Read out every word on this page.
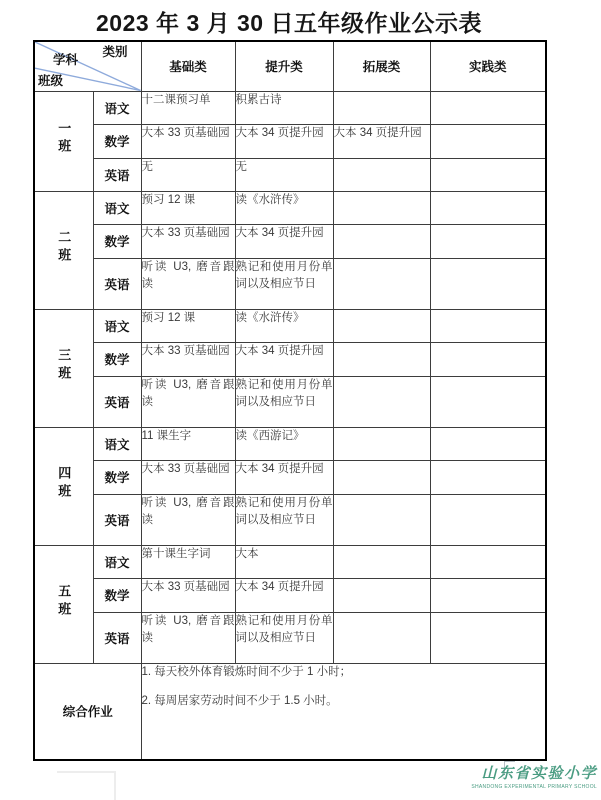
2023 年 3 月 30 日五年级作业公示表
类别
学科
班级		基础类	提升类	拓展类	实践类
一班	语文	十二课预习单	积累古诗		
	数学	大本 33 页基础园	大本 34 页提升园	大本 34 页提升园	
	英语	无	无		
二班	语文	预习 12 课	读《水浒传》		
	数学	大本 33 页基础园	大本 34 页提升园		
	英语	听读 U3, 磨音跟读	熟记和使用月份单词以及相应节日		
三班	语文	预习 12 课	读《水浒传》		
	数学	大本 33 页基础园	大本 34 页提升园		
	英语	听读 U3, 磨音跟读	熟记和使用月份单词以及相应节日		
四班	语文	11 课生字	读《西游记》		
	数学	大本 33 页基础园	大本 34 页提升园		
	英语	听读 U3, 磨音跟读	熟记和使用月份单词以及相应节日		
五班	语文	第十课生字词	大本		
	数学	大本 33 页基础园	大本 34 页提升园		
	英语	听读 U3, 磨音跟读	熟记和使用月份单词以及相应节日		
综合作业		1. 每天校外体育锻炼时间不少于 1 小时；

2. 每周居家劳动时间不少于 1.5 小时。			

山东省实验小学
SHANDONG EXPERIMENTAL PRIMARY SCHOOL
